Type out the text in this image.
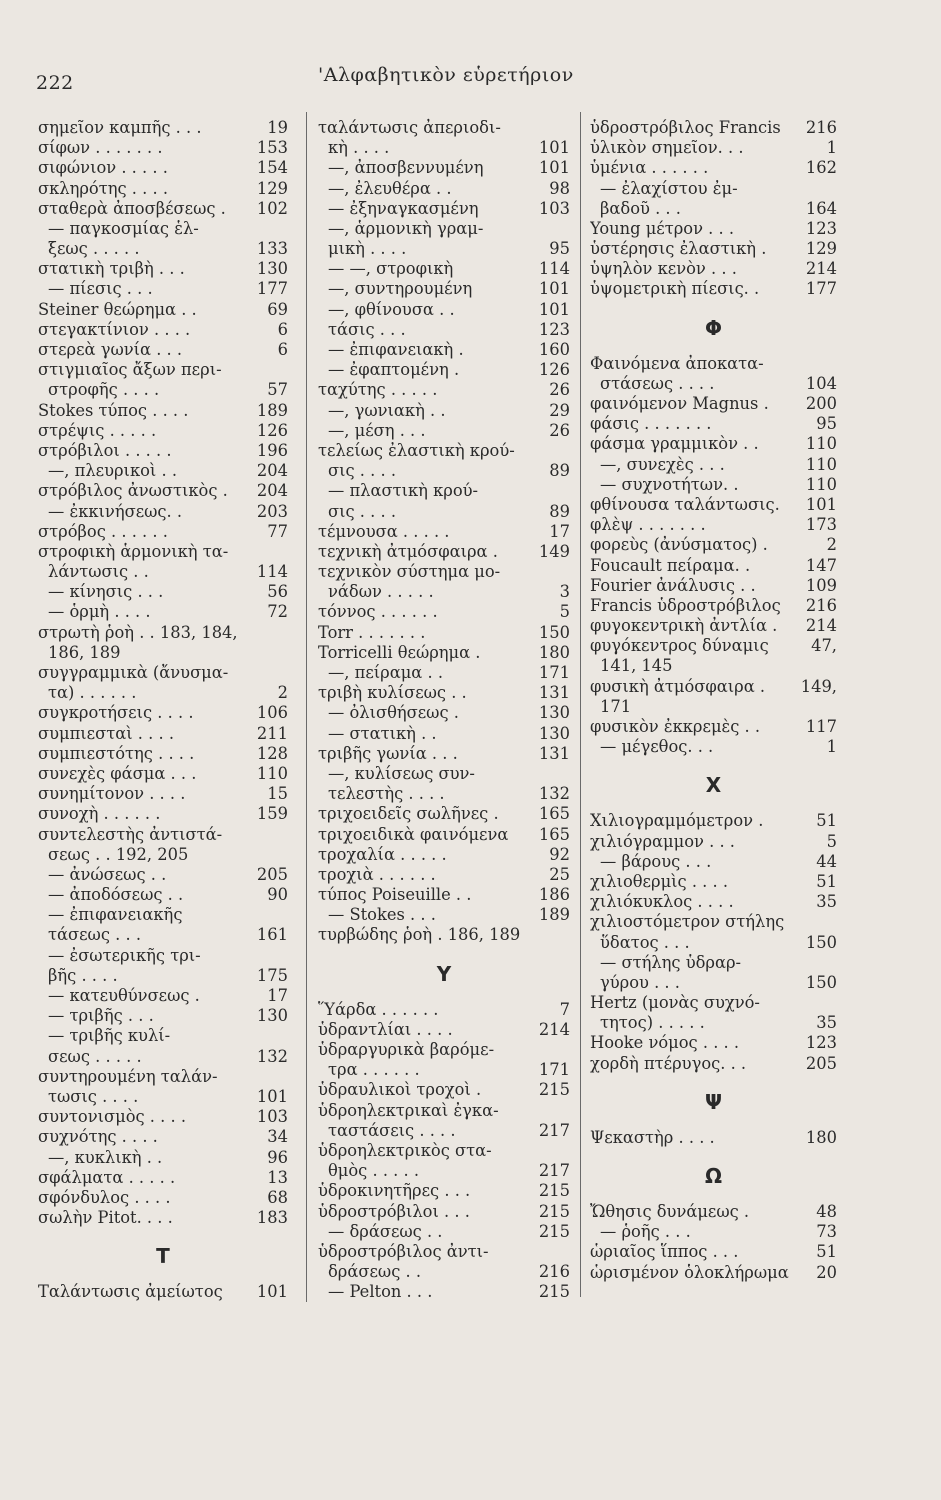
222	'Αλφαβητικὸν εὑρετήριον
σημεῖον καμπῆς . . .	19
σίφων . . . . . . .	153
σιφώνιον . . . . .	154
σκληρότης . . . .	129
σταθερὰ ἀποσβέσεως .	102
— παγκοσμίας ἑλ-
ξεως . . . . .	133
στατικὴ τριβὴ . . .	130
— πίεσις . . .	177
Steiner θεώρημα . .	69
στεγακτίνιον . . . .	6
στερεὰ γωνία . . .	6
στιγμιαῖος ἄξων περι-
στροφῆς . . . .	57
Stokes τύπος . . . .	189
στρέψις . . . . .	126
στρόβιλοι . . . . .	196
—, πλευρικοὶ . .	204
στρόβιλος ἀνωστικὸς .	204
— ἐκκινήσεως. .	203
στρόβος . . . . . .	77
στροφικὴ ἁρμονικὴ τα-
λάντωσις . .	114
— κίνησις . . .	56
— ὁρμὴ . . . .	72
στρωτὴ ῥοὴ . . 183, 184,
186, 189
συγγραμμικὰ (ἄνυσμα-
τα) . . . . . .	2
συγκροτήσεις . . . .	106
συμπιεσταὶ . . . .	211
συμπιεστότης . . . .	128
συνεχὲς φάσμα . . .	110
συνημίτονον . . . .	15
συνοχὴ . . . . . .	159
συντελεστὴς ἀντιστά-
σεως . . 192, 205
— ἀνώσεως . .	205
— ἀποδόσεως . .	90
— ἐπιφανειακῆς
τάσεως . . .	161
— ἐσωτερικῆς τρι-
βῆς . . . .	175
— κατευθύνσεως .	17
— τριβῆς . . .	130
— τριβῆς κυλί-
σεως . . . . .	132
συντηρουμένη ταλάν-
τωσις . . . .	101
συντονισμὸς . . . .	103
συχνότης . . . .	34
—, κυκλικὴ . .	96
σφάλματα . . . . .	13
σφόνδυλος . . . .	68
σωλὴν Pitot. . . .	183
Τ
Ταλάντωσις ἀμείωτος	101
ταλάντωσις ἀπεριοδι-
κὴ . . . .	101
—, ἀποσβεννυμένη	101
—, ἐλευθέρα . .	98
— ἐξηναγκασμένη	103
—, ἁρμονικὴ γραμ-
μικὴ . . . .	95
— —, στροφικὴ	114
—, συντηρουμένη	101
—, φθίνουσα . .	101
τάσις . . .	123
— ἐπιφανειακὴ .	160
— ἐφαπτομένη .	126
ταχύτης . . . . .	26
—, γωνιακὴ . .	29
—, μέση . . .	26
τελείως ἐλαστικὴ κρού-
σις . . . .	89
— πλαστικὴ κρού-
σις . . . .	89
τέμνουσα . . . . .	17
τεχνικὴ ἀτμόσφαιρα .	149
τεχνικὸν σύστημα μο-
νάδων . . . . .	3
τόννος . . . . . .	5
Torr . . . . . . .	150
Torricelli θεώρημα .	180
—, πείραμα . .	171
τριβὴ κυλίσεως . .	131
— ὀλισθήσεως .	130
— στατικὴ . .	130
τριβῆς γωνία . . .	131
—, κυλίσεως συν-
τελεστὴς . . . .	132
τριχοειδεῖς σωλῆνες .	165
τριχοειδικὰ φαινόμενα	165
τροχαλία . . . . .	92
τροχιὰ . . . . . .	25
τύπος Poiseuille . .	186
— Stokes . . .	189
τυρβώδης ῥοὴ . 186, 189
Υ
Ὕάρδα . . . . . .	7
ὑδραντλίαι . . . .	214
ὑδραργυρικὰ βαρόμε-
τρα . . . . . .	171
ὑδραυλικοὶ τροχοὶ .	215
ὑδροηλεκτρικαὶ ἐγκα-
ταστάσεις . . . .	217
ὑδροηλεκτρικὸς στα-
θμὸς . . . . .	217
ὑδροκινητῆρες . . .	215
ὑδροστρόβιλοι . . .	215
— δράσεως . .	215
ὑδροστρόβιλος ἀντι-
δράσεως . .	216
— Pelton . . .	215
ὑδροστρόβιλος Francis	216
ὑλικὸν σημεῖον. . .	1
ὑμένια . . . . . .	162
— ἐλαχίστου ἐμ-
βαδοῦ . . .	164
Young μέτρον . . .	123
ὑστέρησις ἐλαστικὴ .	129
ὑψηλὸν κενὸν . . .	214
ὑψομετρικὴ πίεσις. .	177
Φ
Φαινόμενα ἀποκατα-
στάσεως . . . .	104
φαινόμενον Magnus .	200
φάσις . . . . . . .	95
φάσμα γραμμικὸν . .	110
—, συνεχὲς . . .	110
— συχνοτήτων. .	110
φθίνουσα ταλάντωσις.	101
φλὲψ . . . . . . .	173
φορεὺς (ἀνύσματος) .	2
Foucault πείραμα. .	147
Fourier ἀνάλυσις . .	109
Francis ὑδροστρόβιλος	216
φυγοκεντρικὴ ἀντλία .	214
φυγόκεντρος δύναμις	47,
141, 145
φυσικὴ ἀτμόσφαιρα .	149,
171
φυσικὸν ἐκκρεμὲς . .	117
— μέγεθος. . .	1
Χ
Χιλιογραμμόμετρον .	51
χιλιόγραμμον . . .	5
— βάρους . . .	44
χιλιοθερμὶς . . . .	51
χιλιόκυκλος . . . .	35
χιλιοστόμετρον στήλης
ὕδατος . . .	150
— στήλης ὑδραρ-
γύρου . . .	150
Hertz (μονὰς συχνό-
τητος) . . . . .	35
Hooke νόμος . . . .	123
χορδὴ πτέρυγος. . .	205
Ψ
Ψεκαστὴρ . . . .	180
Ω
Ὤθησις δυνάμεως .	48
— ῥοῆς . . .	73
ὡριαῖος ἵππος . . .	51
ὡρισμένον ὁλοκλήρωμα	20
